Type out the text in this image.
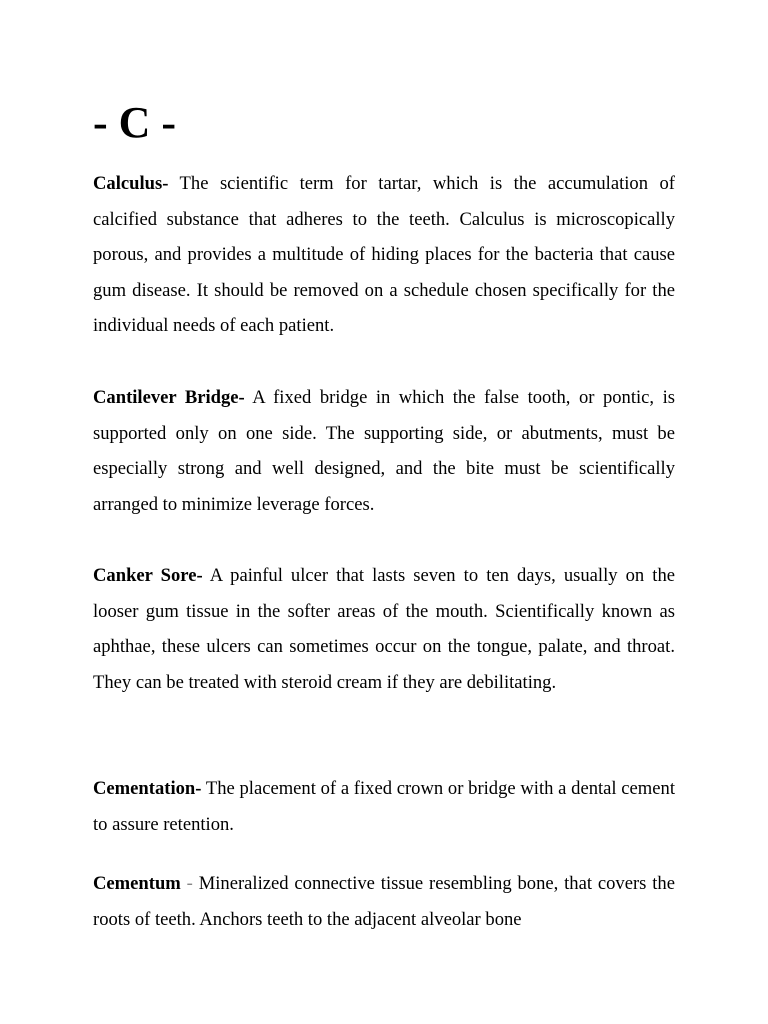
- C -

Calculus- The scientific term for tartar, which is the accumulation of calcified substance that adheres to the teeth. Calculus is microscopically porous, and provides a multitude of hiding places for the bacteria that cause gum disease. It should be removed on a schedule chosen specifically for the individual needs of each patient.

Cantilever Bridge- A fixed bridge in which the false tooth, or pontic, is supported only on one side. The supporting side, or abutments, must be especially strong and well designed, and the bite must be scientifically arranged to minimize leverage forces.

Canker Sore- A painful ulcer that lasts seven to ten days, usually on the looser gum tissue in the softer areas of the mouth. Scientifically known as aphthae, these ulcers can sometimes occur on the tongue, palate, and throat. They can be treated with steroid cream if they are debilitating.

Cementation- The placement of a fixed crown or bridge with a dental cement to assure retention.

Cementum - Mineralized connective tissue resembling bone, that covers the roots of teeth. Anchors teeth to the adjacent alveolar bone
